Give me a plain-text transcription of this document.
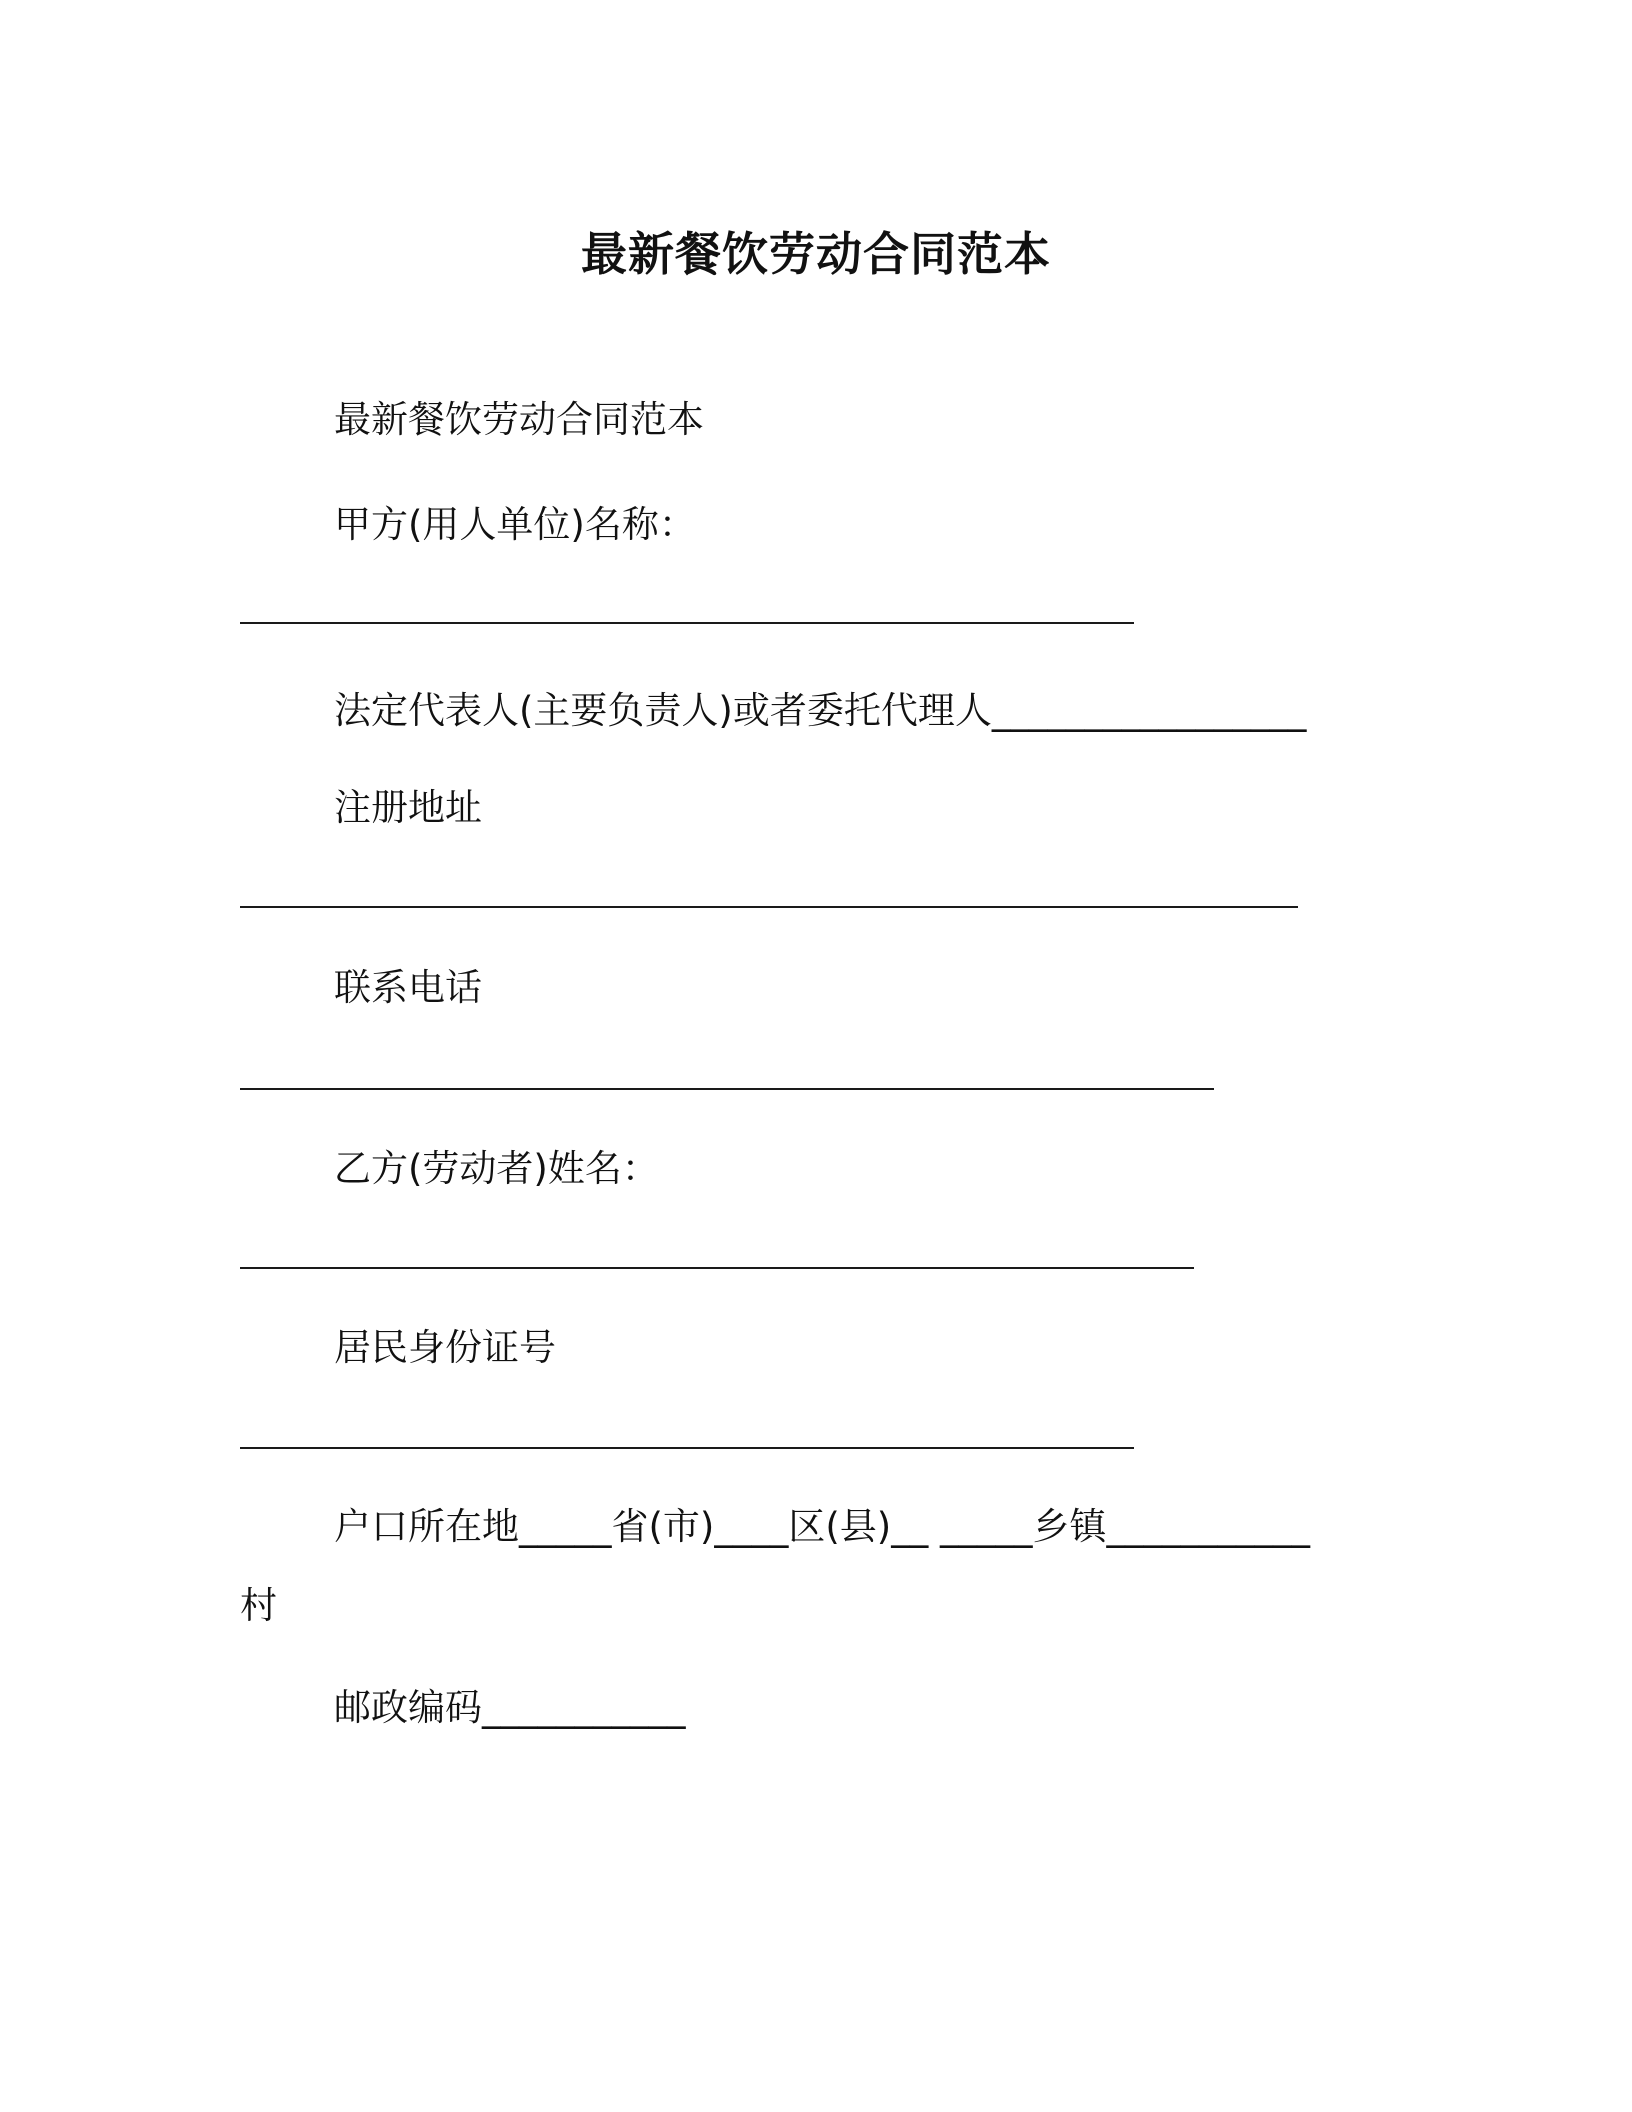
最新餐饮劳动合同范本
最新餐饮劳动合同范本
甲方(用人单位)名称：
法定代表人(主要负责人)或者委托代理人_________________
注册地址
联系电话
乙方(劳动者)姓名：
居民身份证号
户口所在地_____省(市)____区(县)__ _____乡镇___________
村
邮政编码___________
